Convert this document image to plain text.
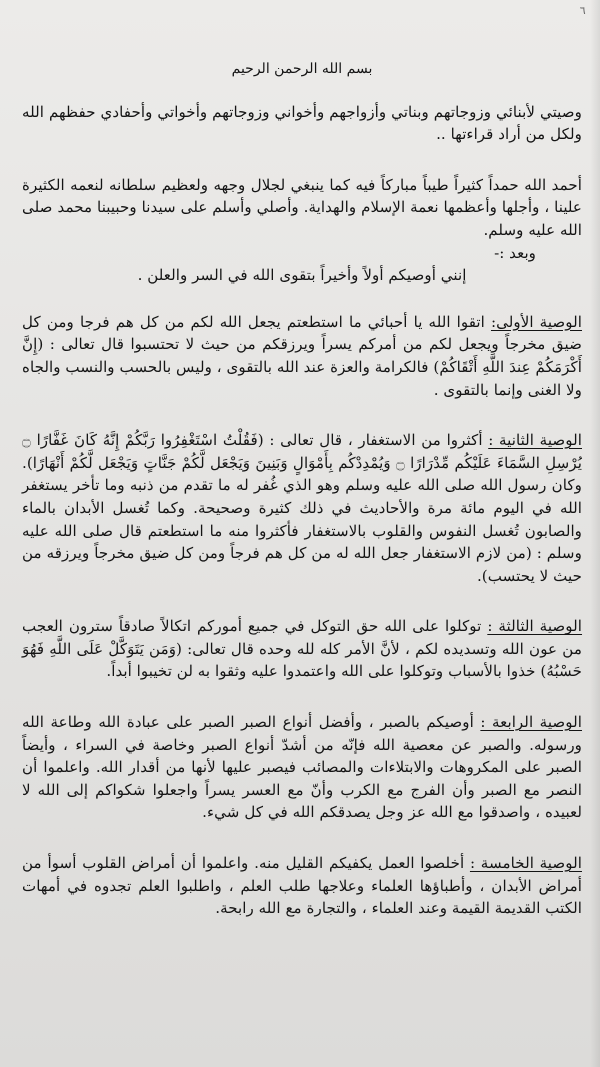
٦
بسم الله الرحمن الرحيم

وصيتي لأبنائي وزوجاتهم وبناتي وأزواجهم وأخواني وزوجاتهم وأخواتي وأحفادي حفظهم الله ولكل من أراد قراءتها ..

أحمد الله حمداً كثيراً طيباً مباركاً فيه كما ينبغي لجلال وجهه ولعظيم سلطانه لنعمه الكثيرة علينا ، وأجلها وأعظمها نعمة الإسلام والهداية. وأصلي وأسلم على سيدنا وحبيبنا محمد صلى الله عليه وسلم.

وبعد :-

إنني أوصيكم أولاً وأخيراً بتقوى الله في السر والعلن .

الوصية الأولى: اتقوا الله يا أحبائي ما استطعتم يجعل الله لكم من كل هم فرجا ومن كل ضيق مخرجاً ويجعل لكم من أمركم يسراً ويرزقكم من حيث لا تحتسبوا قال تعالى : (إِنَّ أَكْرَمَكُمْ عِندَ اللَّهِ أَتْقَاكُمْ) فالكرامة والعزة عند الله بالتقوى ، وليس بالحسب والنسب والجاه ولا الغنى وإنما بالتقوى .

الوصية الثانية : أكثروا من الاستغفار ، قال تعالى : (فَقُلْتُ اسْتَغْفِرُوا رَبَّكُمْ إِنَّهُ كَانَ غَفَّارًا ۝ يُرْسِلِ السَّمَاءَ عَلَيْكُم مِّدْرَارًا ۝ وَيُمْدِدْكُم بِأَمْوَالٍ وَبَنِينَ وَيَجْعَل لَّكُمْ جَنَّاتٍ وَيَجْعَل لَّكُمْ أَنْهَارًا). وكان رسول الله صلى الله عليه وسلم وهو الذي غُفر له ما تقدم من ذنبه وما تأخر يستغفر الله في اليوم مائة مرة والأحاديث في ذلك كثيرة وصحيحة. وكما تُغسل الأبدان بالماء والصابون تُغسل النفوس والقلوب بالاستغفار فأكثروا منه ما استطعتم قال صلى الله عليه وسلم : (من لازم الاستغفار جعل الله له من كل هم فرجاً ومن كل ضيق مخرجاً ويرزقه من حيث لا يحتسب).

الوصية الثالثة : توكلوا على الله حق التوكل في جميع أموركم اتكالاً صادقاً سترون العجب من عون الله وتسديده لكم ، لأنَّ الأمر كله لله وحده قال تعالى: (وَمَن يَتَوَكَّلْ عَلَى اللَّهِ فَهُوَ حَسْبُهُ) خذوا بالأسباب وتوكلوا على الله واعتمدوا عليه وثقوا به لن تخيبوا أبداً.

الوصية الرابعة : أوصيكم بالصبر ، وأفضل أنواع الصبر الصبر على عبادة الله وطاعة الله ورسوله. والصبر عن معصية الله فإنّه من أشدّ أنواع الصبر وخاصة في السراء ، وأيضاً الصبر على المكروهات والابتلاءات والمصائب فيصبر عليها لأنها من أقدار الله. واعلموا أن النصر مع الصبر وأن الفرج مع الكرب وأنّ مع العسر يسراً واجعلوا شكواكم إلى الله لا لعبيده ، واصدقوا مع الله عز وجل يصدقكم الله في كل شيء.

الوصية الخامسة : أخلصوا العمل يكفيكم القليل منه. واعلموا أن أمراض القلوب أسوأ من أمراض الأبدان ، وأطباؤها العلماء وعلاجها طلب العلم ، واطلبوا العلم تجدوه في أمهات الكتب القديمة القيمة وعند العلماء ، والتجارة مع الله رابحة.
